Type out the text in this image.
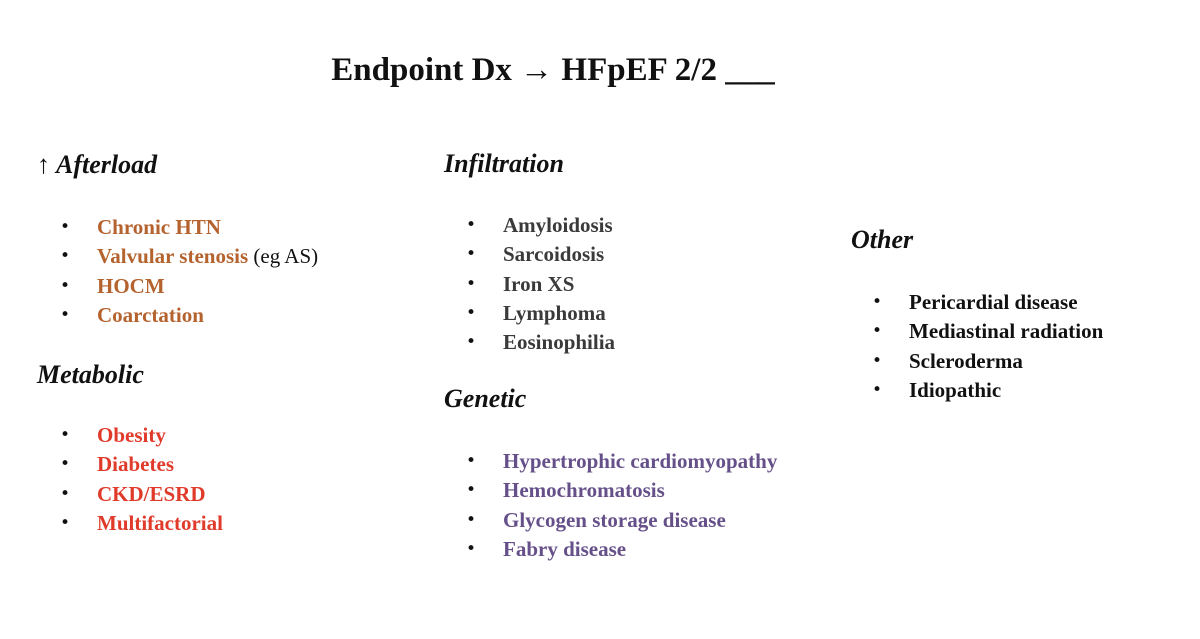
Endpoint Dx → HFpEF 2/2 ___
↑ Afterload
• Chronic HTN
• Valvular stenosis (eg AS)
• HOCM
• Coarctation
Metabolic
• Obesity
• Diabetes
• CKD/ESRD
• Multifactorial
Infiltration
• Amyloidosis
• Sarcoidosis
• Iron XS
• Lymphoma
• Eosinophilia
Genetic
• Hypertrophic cardiomyopathy
• Hemochromatosis
• Glycogen storage disease
• Fabry disease
Other
• Pericardial disease
• Mediastinal radiation
• Scleroderma
• Idiopathic
